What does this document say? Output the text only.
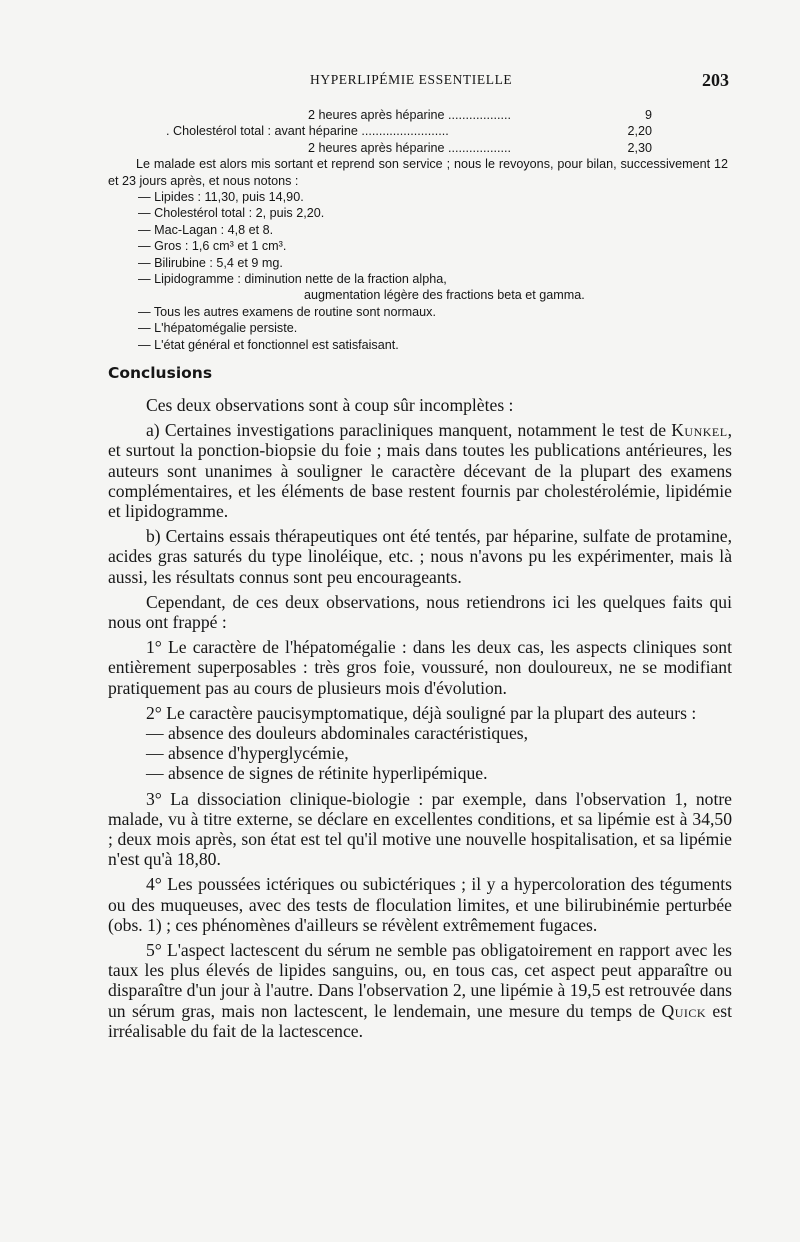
HYPERLIPÉMIE ESSENTIELLE	203
2 heures après héparine ..................	9
. Cholestérol total : avant héparine .........................	2,20
2 heures après héparine ..................	2,30
Le malade est alors mis sortant et reprend son service ; nous le revoyons, pour bilan, successivement 12 et 23 jours après, et nous notons :
— Lipides : 11,30, puis 14,90.
— Cholestérol total : 2, puis 2,20.
— Mac-Lagan : 4,8 et 8.
— Gros : 1,6 cm³ et 1 cm³.
— Bilirubine : 5,4 et 9 mg.
— Lipidogramme : diminution nette de la fraction alpha,
augmentation légère des fractions beta et gamma.
— Tous les autres examens de routine sont normaux.
— L'hépatomégalie persiste.
— L'état général et fonctionnel est satisfaisant.
Conclusions

Ces deux observations sont à coup sûr incomplètes :

a) Certaines investigations paracliniques manquent, notamment le test de Kunkel, et surtout la ponction-biopsie du foie ; mais dans toutes les publications antérieures, les auteurs sont unanimes à souligner le caractère décevant de la plupart des examens complémentaires, et les éléments de base restent fournis par cholestérolémie, lipidémie et lipidogramme.

b) Certains essais thérapeutiques ont été tentés, par héparine, sulfate de protamine, acides gras saturés du type linoléique, etc. ; nous n'avons pu les expérimenter, mais là aussi, les résultats connus sont peu encourageants.

Cependant, de ces deux observations, nous retiendrons ici les quelques faits qui nous ont frappé :

1° Le caractère de l'hépatomégalie : dans les deux cas, les aspects cliniques sont entièrement superposables : très gros foie, voussuré, non douloureux, ne se modifiant pratiquement pas au cours de plusieurs mois d'évolution.

2° Le caractère paucisymptomatique, déjà souligné par la plupart des auteurs :

— absence des douleurs abdominales caractéristiques,
— absence d'hyperglycémie,
— absence de signes de rétinite hyperlipémique.

3° La dissociation clinique-biologie : par exemple, dans l'observation 1, notre malade, vu à titre externe, se déclare en excellentes conditions, et sa lipémie est à 34,50 ; deux mois après, son état est tel qu'il motive une nouvelle hospitalisation, et sa lipémie n'est qu'à 18,80.

4° Les poussées ictériques ou subictériques ; il y a hypercoloration des téguments ou des muqueuses, avec des tests de floculation limites, et une bilirubinémie perturbée (obs. 1) ; ces phénomènes d'ailleurs se révèlent extrêmement fugaces.

5° L'aspect lactescent du sérum ne semble pas obligatoirement en rapport avec les taux les plus élevés de lipides sanguins, ou, en tous cas, cet aspect peut apparaître ou disparaître d'un jour à l'autre. Dans l'observation 2, une lipémie à 19,5 est retrouvée dans un sérum gras, mais non lactescent, le lendemain, une mesure du temps de Quick est irréalisable du fait de la lactescence.
